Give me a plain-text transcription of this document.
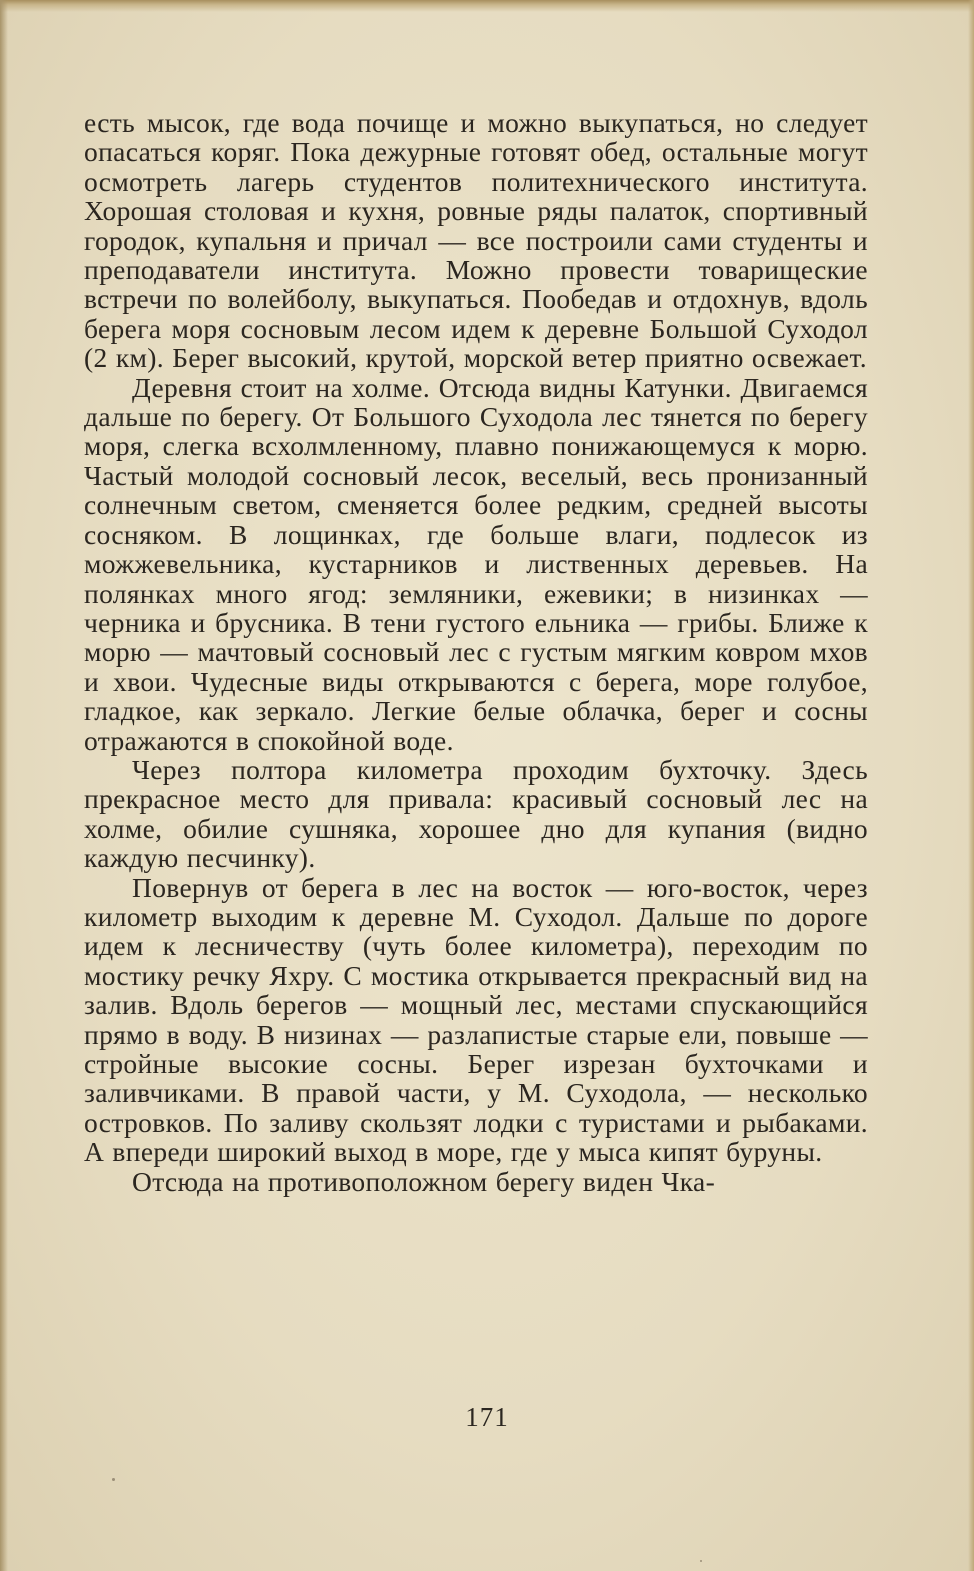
есть мысок, где вода почище и можно выкупаться, но следует опасаться коряг. Пока дежурные готовят обед, остальные могут осмотреть лагерь студентов политехнического института. Хорошая столовая и кухня, ровные ряды палаток, спортивный городок, купальня и причал — все построили сами студенты и преподаватели института. Можно провести товарищеские встречи по волейболу, выкупаться. Пообедав и отдохнув, вдоль берега моря сосновым лесом идем к деревне Большой Суходол (2 км). Берег высокий, крутой, морской ветер приятно освежает.

Деревня стоит на холме. Отсюда видны Катунки. Двигаемся дальше по берегу. От Большого Суходола лес тянется по берегу моря, слегка всхолмленному, плавно понижающемуся к морю. Частый молодой сосновый лесок, веселый, весь пронизанный солнечным светом, сменяется более редким, средней высоты сосняком. В лощинках, где больше влаги, подлесок из можжевельника, кустарников и лиственных деревьев. На полянках много ягод: земляники, ежевики; в низинках — черника и брусника. В тени густого ельника — грибы. Ближе к морю — мачтовый сосновый лес с густым мягким ковром мхов и хвои. Чудесные виды открываются с берега, море голубое, гладкое, как зеркало. Легкие белые облачка, берег и сосны отражаются в спокойной воде.

Через полтора километра проходим бухточку. Здесь прекрасное место для привала: красивый сосновый лес на холме, обилие сушняка, хорошее дно для купания (видно каждую песчинку).

Повернув от берега в лес на восток — юго-восток, через километр выходим к деревне М. Суходол. Дальше по дороге идем к лесничеству (чуть более километра), переходим по мостику речку Яхру. С мостика открывается прекрасный вид на залив. Вдоль берегов — мощный лес, местами спускающийся прямо в воду. В низинах — разлапистые старые ели, повыше — стройные высокие сосны. Берег изрезан бухточками и заливчиками. В правой части, у М. Суходола, — несколько островков. По заливу скользят лодки с туристами и рыбаками. А впереди широкий выход в море, где у мыса кипят буруны.

Отсюда на противоположном берегу виден Чка-

171
